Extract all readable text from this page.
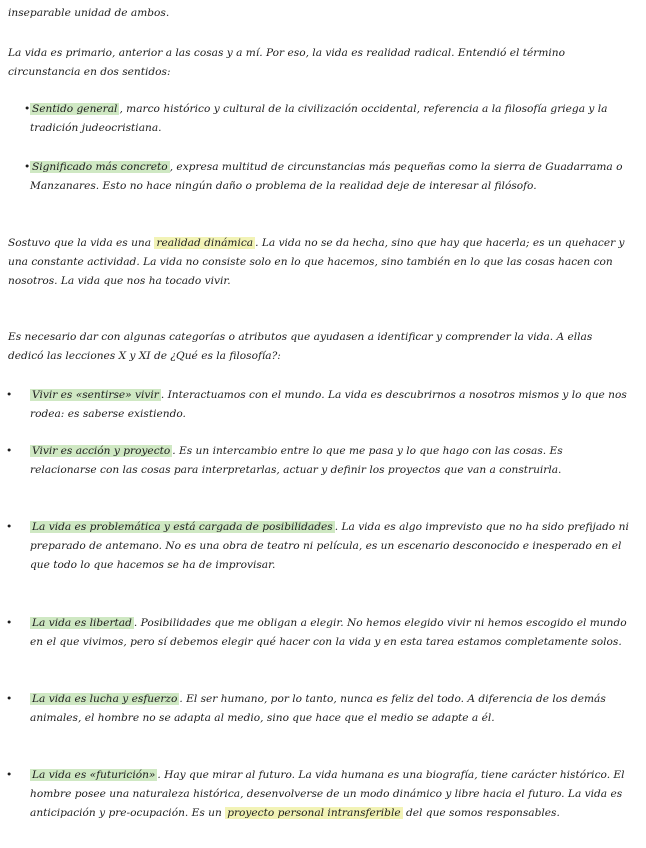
inseparable unidad de ambos.

La vida es primario, anterior a las cosas y a mí. Por eso, la vida es realidad radical. Entendió el término circunstancia en dos sentidos:

• Sentido general , marco histórico y cultural de la civilización occidental, referencia a la filosofía griega y la tradición judeocristiana.

• Significado más concreto , expresa multitud de circunstancias más pequeñas como la sierra de Guadarrama o Manzanares. Esto no hace ningún daño o problema de la realidad deje de interesar al filósofo.

Sostuvo que la vida es una realidad dinámica . La vida no se da hecha, sino que hay que hacerla; es un quehacer y una constante actividad. La vida no consiste solo en lo que hacemos, sino también en lo que las cosas hacen con nosotros. La vida que nos ha tocado vivir.

Es necesario dar con algunas categorías o atributos que ayudasen a identificar y comprender la vida. A ellas dedicó las lecciones X y XI de ¿Qué es la filosofía?:

• Vivir es «sentirse» vivir . Interactuamos con el mundo. La vida es descubrirnos a nosotros mismos y lo que nos rodea: es saberse existiendo.

• Vivir es acción y proyecto . Es un intercambio entre lo que me pasa y lo que hago con las cosas. Es relacionarse con las cosas para interpretarlas, actuar y definir los proyectos que van a construirla.

• La vida es problemática y está cargada de posibilidades . La vida es algo imprevisto que no ha sido prefijado ni preparado de antemano. No es una obra de teatro ni película, es un escenario desconocido e inesperado en el que todo lo que hacemos se ha de improvisar.

• La vida es libertad . Posibilidades que me obligan a elegir. No hemos elegido vivir ni hemos escogido el mundo en el que vivimos, pero sí debemos elegir qué hacer con la vida y en esta tarea estamos completamente solos.

• La vida es lucha y esfuerzo . El ser humano, por lo tanto, nunca es feliz del todo. A diferencia de los demás animales, el hombre no se adapta al medio, sino que hace que el medio se adapte a él.

• La vida es «futurición» . Hay que mirar al futuro. La vida humana es una biografía, tiene carácter histórico. El hombre posee una naturaleza histórica, desenvolverse de un modo dinámico y libre hacia el futuro. La vida es anticipación y pre-ocupación. Es un proyecto personal intransferible del que somos responsables.
